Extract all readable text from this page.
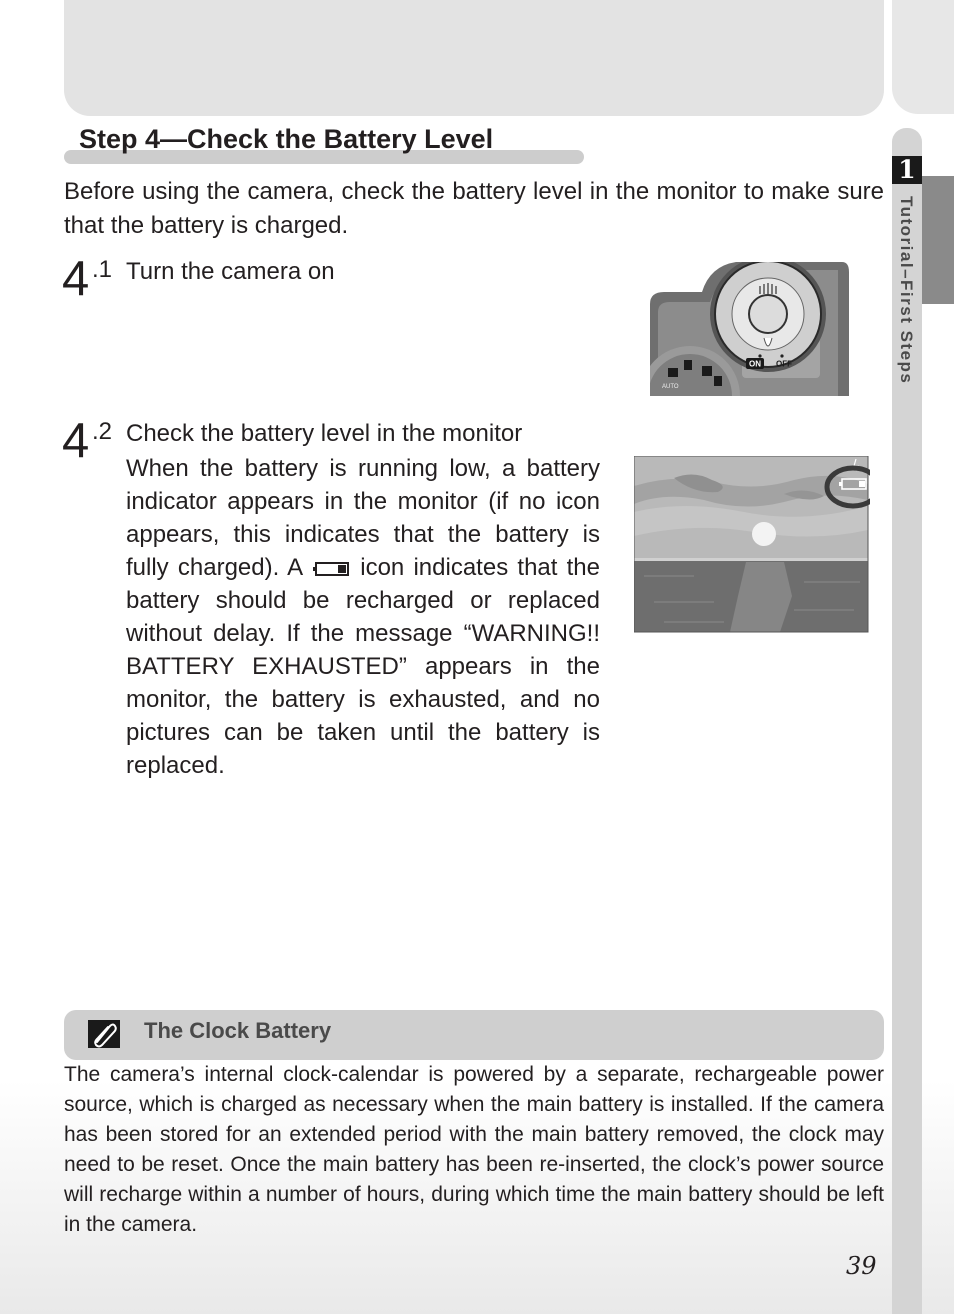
1
Tutorial–First Steps
Step 4—Check the Battery Level

Before using the camera, check the battery level in the monitor to make sure that the battery is charged.

4 .1 Turn the camera on
AUTO
ON OFF
4 .2 Check the battery level in the monitor

When the battery is running low, a battery indicator appears in the monitor (if no icon appears, this indicates that the battery is fully charged). A icon indicates that the battery should be recharged or replaced without delay. If the message “WARNING!! BATTERY EXHAUSTED” appears in the monitor, the battery is exhausted, and no pictures can be taken until the battery is replaced.

The Clock Battery

The camera’s internal clock-calendar is powered by a separate, rechargeable power source, which is charged as necessary when the main battery is installed. If the camera has been stored for an extended period with the main battery removed, the clock may need to be reset. Once the main battery has been re-inserted, the clock’s power source will recharge within a number of hours, during which time the main battery should be left in the camera.

39
